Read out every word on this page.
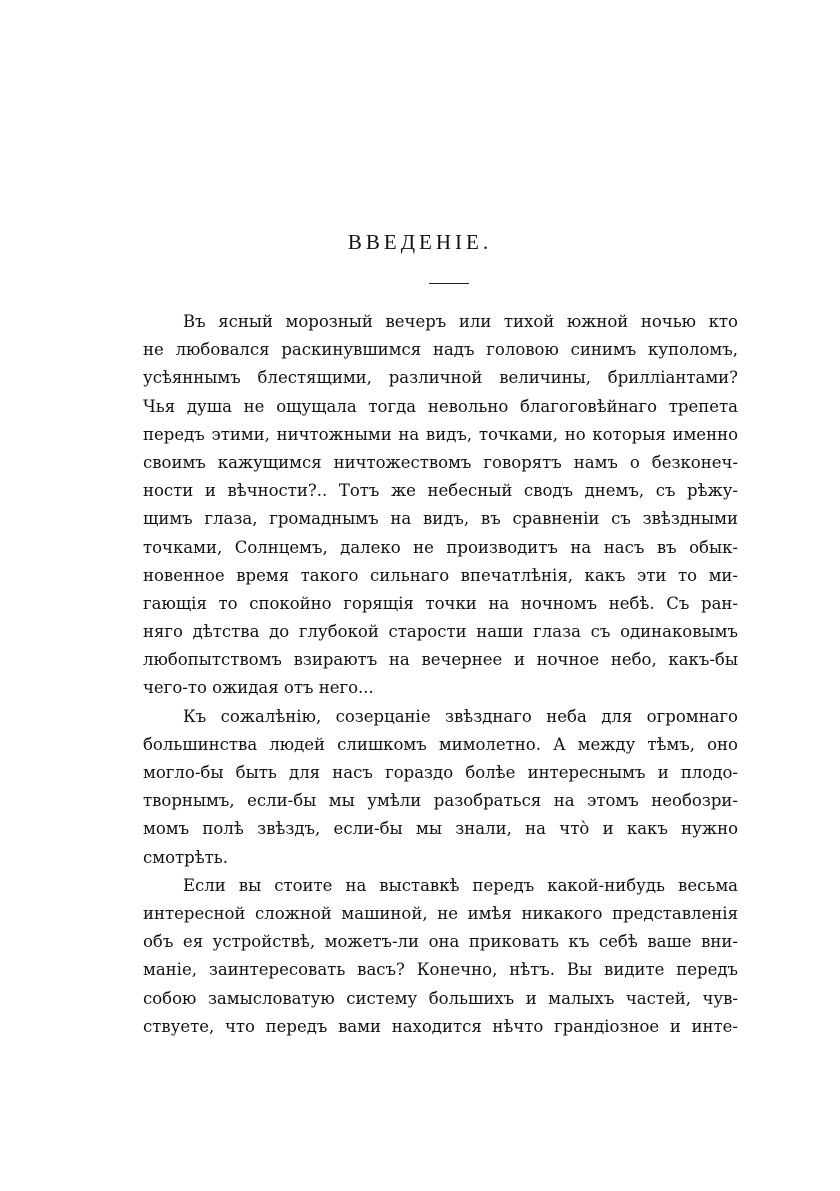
ВВЕДЕНІЕ.
Въ ясный морозный вечеръ или тихой южной ночью кто
не любовался раскинувшимся надъ головою синимъ куполомъ,
усѣяннымъ блестящими, различной величины, брилліантами?
Чья душа не ощущала тогда невольно благоговѣйнаго трепета
передъ этими, ничтожными на видъ, точками, но которыя именно
своимъ кажущимся ничтожествомъ говорятъ намъ о безконеч-
ности и вѣчности?.. Тотъ же небесный сводъ днемъ, съ рѣжу-
щимъ глаза, громаднымъ на видъ, въ сравненіи съ звѣздными
точками, Солнцемъ, далеко не производитъ на насъ въ обык-
новенное время такого сильнаго впечатлѣнія, какъ эти то ми-
гающія то спокойно горящія точки на ночномъ небѣ. Съ ран-
няго дѣтства до глубокой старости наши глаза съ одинаковымъ
любопытствомъ взираютъ на вечернее и ночное небо, какъ-бы
чего-то ожидая отъ него...
Къ сожалѣнію, созерцаніе звѣзднаго неба для огромнаго
большинства людей слишкомъ мимолетно. А между тѣмъ, оно
могло-бы быть для насъ гораздо болѣе интереснымъ и плодо-
творнымъ, если-бы мы умѣли разобраться на этомъ необозри-
момъ полѣ звѣздъ, если-бы мы знали, на что̀ и какъ нужно
смотрѣть.
Если вы стоите на выставкѣ передъ какой-нибудь весьма
интересной сложной машиной, не имѣя никакого представленія
объ ея устройствѣ, можетъ-ли она приковать къ себѣ ваше вни-
маніе, заинтересовать васъ? Конечно, нѣтъ. Вы видите передъ
собою замысловатую систему большихъ и малыхъ частей, чув-
ствуете, что передъ вами находится нѣчто грандіозное и инте-
